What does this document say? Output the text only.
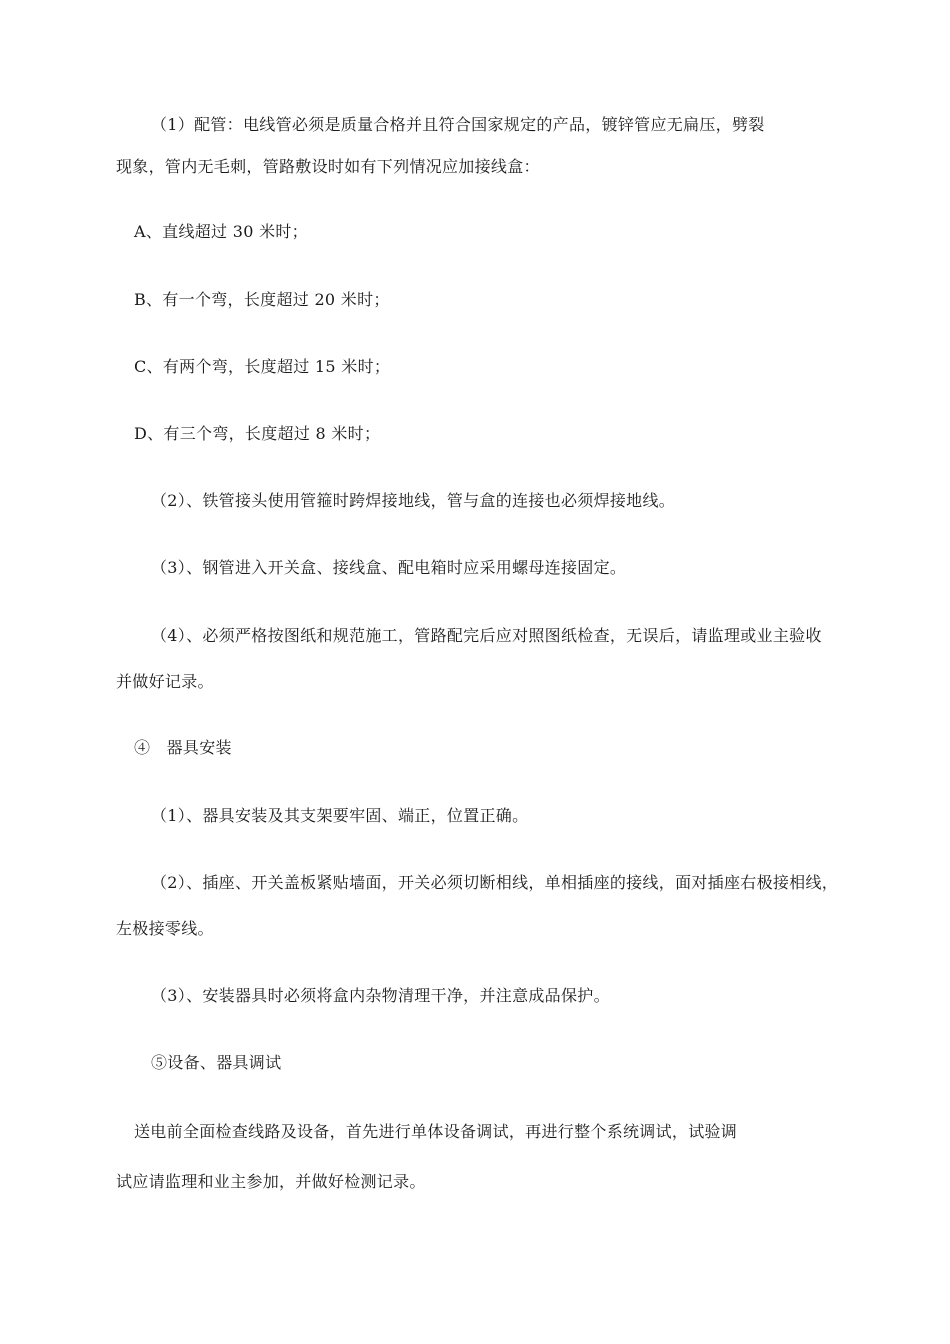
（1）配管：电线管必须是质量合格并且符合国家规定的产品，镀锌管应无扁压，劈裂
现象，管内无毛刺，管路敷设时如有下列情况应加接线盒：
A、直线超过 30 米时；
B、有一个弯，长度超过 20 米时；
C、有两个弯，长度超过 15 米时；
D、有三个弯，长度超过 8 米时；
（2）、铁管接头使用管箍时跨焊接地线，管与盒的连接也必须焊接地线。
（3）、钢管进入开关盒、接线盒、配电箱时应采用螺母连接固定。
（4）、必须严格按图纸和规范施工，管路配完后应对照图纸检查，无误后，请监理或业主验收
并做好记录。
④　器具安装
（1）、器具安装及其支架要牢固、端正，位置正确。
（2）、插座、开关盖板紧贴墙面，开关必须切断相线，单相插座的接线，面对插座右极接相线，
左极接零线。
（3）、安装器具时必须将盒内杂物清理干净，并注意成品保护。
⑤设备、器具调试
送电前全面检查线路及设备，首先进行单体设备调试，再进行整个系统调试，试验调
试应请监理和业主参加，并做好检测记录。
